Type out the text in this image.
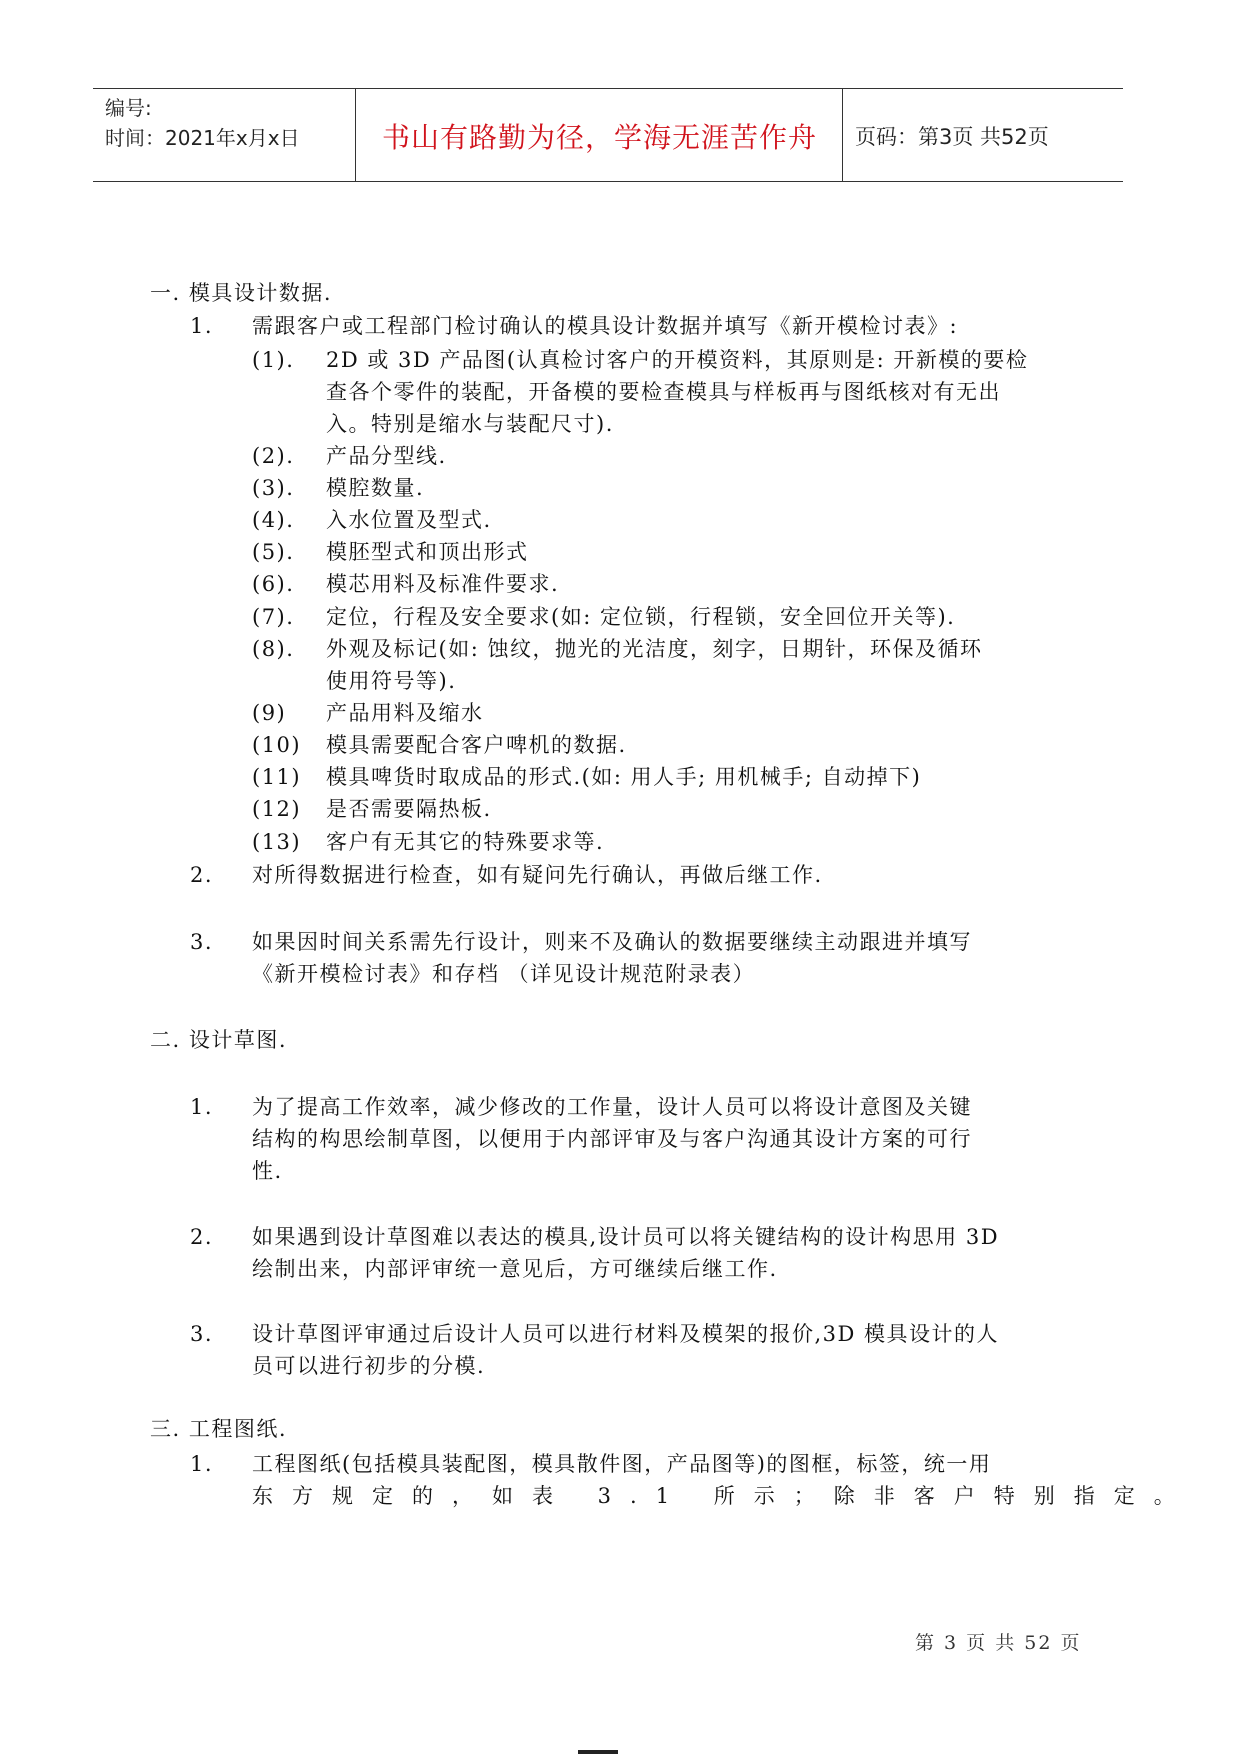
编号:
时间：2021年x月x日	书山有路勤为径，学海无涯苦作舟	页码：第3页 共52页
一. 模具设计数据.
1. 需跟客户或工程部门检讨确认的模具设计数据并填写《新开模检讨表》:
(1). 2D 或 3D 产品图(认真检讨客户的开模资料，其原则是: 开新模的要检
查各个零件的装配，开备模的要检查模具与样板再与图纸核对有无出
入。特别是缩水与装配尺寸).
(2). 产品分型线.
(3). 模腔数量.
(4). 入水位置及型式.
(5). 模胚型式和顶出形式
(6). 模芯用料及标准件要求.
(7). 定位，行程及安全要求(如: 定位锁，行程锁，安全回位开关等).
(8). 外观及标记(如: 蚀纹，抛光的光洁度，刻字，日期针，环保及循环
使用符号等).
(9) 产品用料及缩水
(10) 模具需要配合客户啤机的数据.
(11) 模具啤货时取成品的形式.(如: 用人手; 用机械手; 自动掉下)
(12) 是否需要隔热板.
(13) 客户有无其它的特殊要求等.
2. 对所得数据进行检查，如有疑问先行确认，再做后继工作.
3. 如果因时间关系需先行设计，则来不及确认的数据要继续主动跟进并填写
《新开模检讨表》和存档 （详见设计规范附录表）
二. 设计草图.
1. 为了提高工作效率，减少修改的工作量，设计人员可以将设计意图及关键
结构的构思绘制草图，以便用于内部评审及与客户沟通其设计方案的可行
性.
2. 如果遇到设计草图难以表达的模具,设计员可以将关键结构的设计构思用 3D
绘制出来，内部评审统一意见后，方可继续后继工作.
3. 设计草图评审通过后设计人员可以进行材料及模架的报价,3D 模具设计的人
员可以进行初步的分模.
三. 工程图纸.
1. 工程图纸(包括模具装配图，模具散件图，产品图等)的图框，标签，统一用
东方规定的，如表 3.1 所示；除非客户特别指定。
第 3 页 共 52 页
